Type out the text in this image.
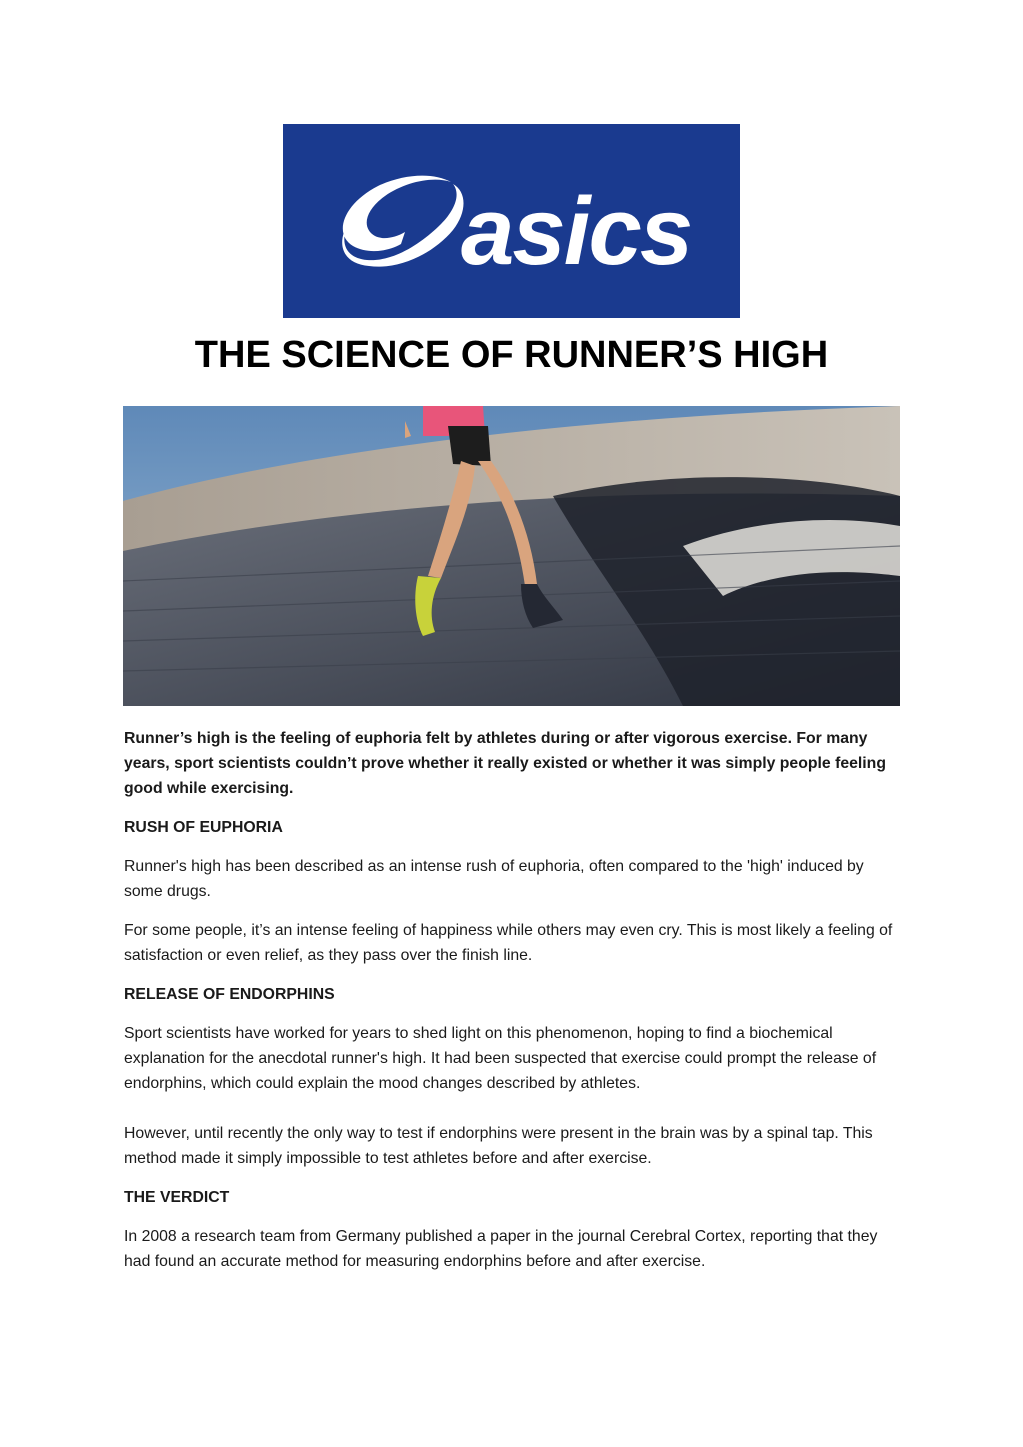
asics
THE SCIENCE OF RUNNER’S HIGH

Runner’s high is the feeling of euphoria felt by athletes during or after vigorous exercise. For many years, sport scientists couldn’t prove whether it really existed or whether it was simply people feeling good while exercising.

RUSH OF EUPHORIA

Runner's high has been described as an intense rush of euphoria, often compared to the 'high' induced by some drugs.

For some people, it’s an intense feeling of happiness while others may even cry. This is most likely a feeling of satisfaction or even relief, as they pass over the finish line.

RELEASE OF ENDORPHINS

Sport scientists have worked for years to shed light on this phenomenon, hoping to find a biochemical explanation for the anecdotal runner's high. It had been suspected that exercise could prompt the release of endorphins, which could explain the mood changes described by athletes.

However, until recently the only way to test if endorphins were present in the brain was by a spinal tap. This method made it simply impossible to test athletes before and after exercise.

THE VERDICT

In 2008 a research team from Germany published a paper in the journal Cerebral Cortex, reporting that they had found an accurate method for measuring endorphins before and after exercise.
